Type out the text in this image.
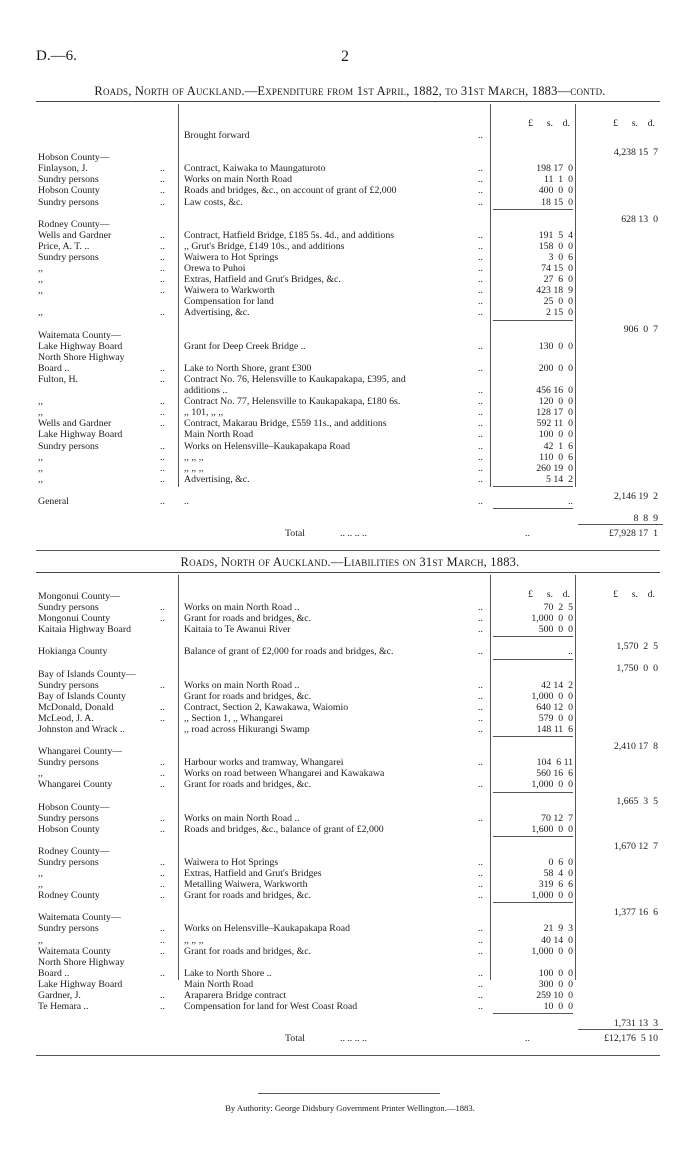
D.—6.	2
Roads, North of Auckland.—Expenditure from 1st April, 1882, to 31st March, 1883—contd.
£	s. d.	£	s. d.
Brought forward	..
4,238 15  7
Hobson County—
Finlayson, J.	.. Contract, Kaiwaka to Maungaturoto	..	198 17  0
Sundry persons	.. Works on main North Road	..	11  1  0
Hobson County	.. Roads and bridges, &c., on account of grant of £2,000	..	400  0  0
Sundry persons	.. Law costs, &c.	..	18 15  0
628 13  0
Rodney County—
Wells and Gardner	.. Contract, Hatfield Bridge, £185 5s. 4d., and additions	..	191  5  4
Price, A. T. ..	.. ,, Grut's Bridge, £149 10s., and additions	..	158  0  0
Sundry persons	.. Waiwera to Hot Springs	..	3  0  6
,,	.. Orewa to Puhoi	..	74 15  0
,,	.. Extras, Hatfield and Grut's Bridges, &c.	..	27  6  0
,,	.. Waiwera to Warkworth	..	423 18  9
Compensation for land	..	25  0  0
,,	.. Advertising, &c.	..	2 15  0
906  0  7
Waitemata County—
Lake Highway Board	Grant for Deep Creek Bridge ..	..	130  0  0
North Shore Highway
Board ..	.. Lake to North Shore, grant £300	..	200  0  0
Fulton, H.	.. Contract No. 76, Helensville to Kaukapakapa, £395, and
additions ..	..	456 16  0
,,	.. Contract No. 77, Helensville to Kaukapakapa, £180 6s.	..	120  0  0
,,	.. ,, 101, ,, ,,	..	128 17  0
Wells and Gardner	.. Contract, Makarau Bridge, £559 11s., and additions	..	592 11  0
Lake Highway Board	Main North Road	..	100  0  0
Sundry persons	.. Works on Helensville–Kaukapakapa Road	..	42  1  6
,,	.. ,, ,, ,,	..	110  0  6
,,	.. ,, ,, ,,	..	260 19  0
,,	.. Advertising, &c.	..	5 14  2
2,146 19  2
General	.. ..	..	..
8  8  9
Total	.. .. .. ..	..	£7,928 17  1
Roads, North of Auckland.—Liabilities on 31st March, 1883.
£	s. d.	£	s. d.
Mongonui County—
Sundry persons	.. Works on main North Road ..	..	70  2  5
Mongonui County	.. Grant for roads and bridges, &c.	..	1,000  0  0
Kaitaia Highway Board	Kaitaia to Te Awanui River	..	500  0  0
1,570  2  5
Hokianga County	Balance of grant of £2,000 for roads and bridges, &c.	..	..
1,750  0  0
Bay of Islands County—
Sundry persons	.. Works on main North Road ..	..	42 14  2
Bay of Islands County	Grant for roads and bridges, &c.	..	1,000  0  0
McDonald, Donald	.. Contract, Section 2, Kawakawa, Waiomio	..	640 12  0
McLeod, J. A.	.. ,, Section 1, ,, Whangarei	..	579  0  0
Johnston and Wrack ..	,, road across Hikurangi Swamp	..	148 11  6
2,410 17  8
Whangarei County—
Sundry persons	.. Harbour works and tramway, Whangarei	..	104  6 11
,,	.. Works on road between Whangarei and Kawakawa	560 16  6
Whangarei County	.. Grant for roads and bridges, &c.	..	1,000  0  0
1,665  3  5
Hobson County—
Sundry persons	.. Works on main North Road ..	..	70 12  7
Hobson County	.. Roads and bridges, &c., balance of grant of £2,000	1,600  0  0
1,670 12  7
Rodney County—
Sundry persons	.. Waiwera to Hot Springs	..	0  6  0
,,	.. Extras, Hatfield and Grut's Bridges	..	58  4  0
,,	.. Metalling Waiwera, Warkworth	..	319  6  6
Rodney County	.. Grant for roads and bridges, &c.	..	1,000  0  0
1,377 16  6
Waitemata County—
Sundry persons	.. Works on Helensville–Kaukapakapa Road	..	21  9  3
,,	.. ,, ,, ,,	..	40 14  0
Waitemata County	.. Grant for roads and bridges, &c.	..	1,000  0  0
North Shore Highway
Board ..	.. Lake to North Shore ..	..	100  0  0
Lake Highway Board	Main North Road	..	300  0  0
Gardner, J.	.. Araparera Bridge contract	..	259 10  0
Te Hemara ..	.. Compensation for land for West Coast Road	..	10  0  0
1,731 13  3
Total	.. .. .. ..	..	£12,176  5 10
By Authority: George Didsbury Government Printer Wellington.—1883.
